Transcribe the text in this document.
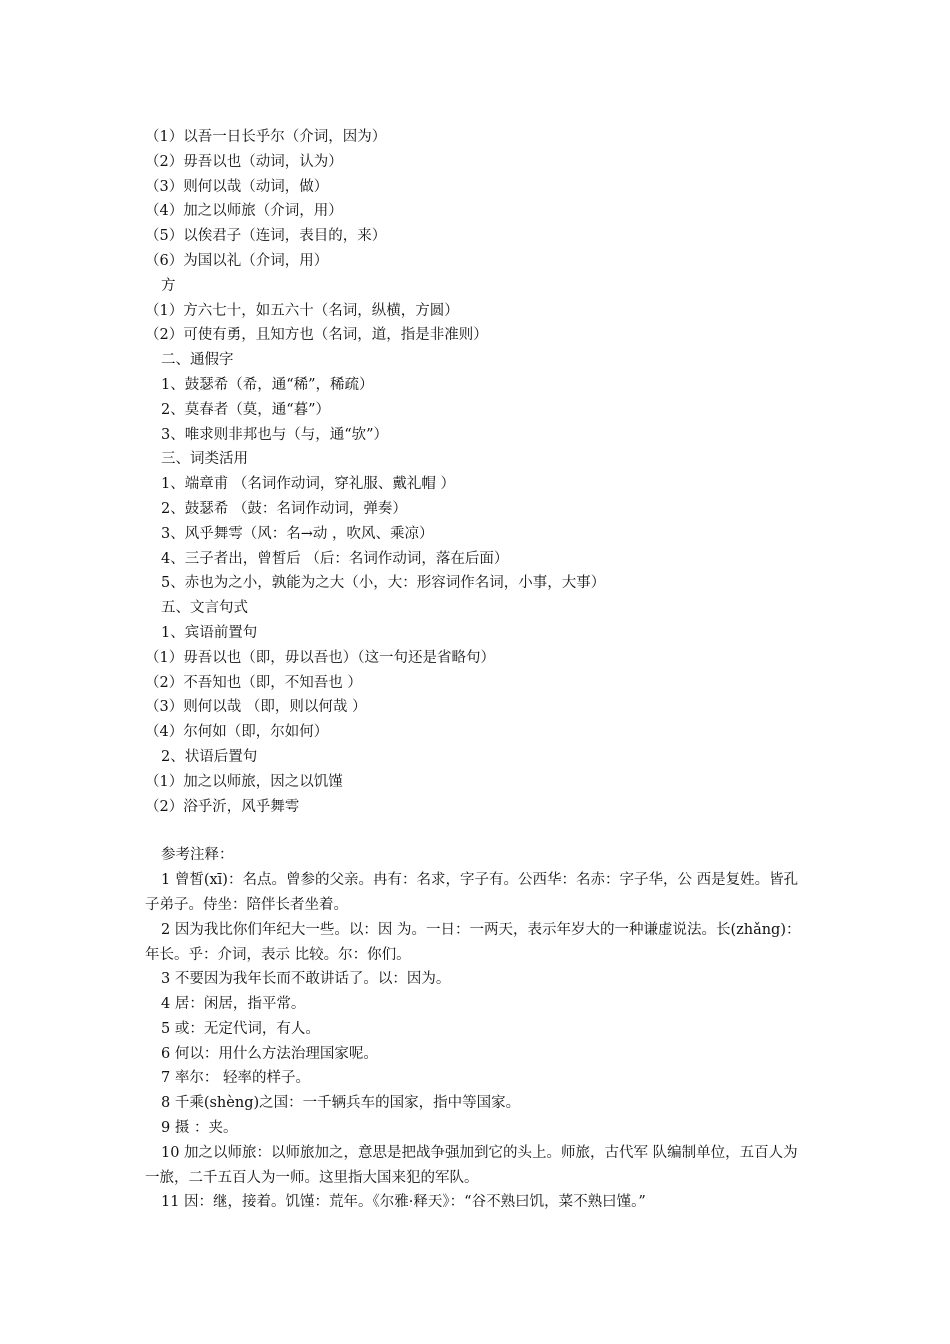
（1）以吾一日长乎尔（介词，因为）
（2）毋吾以也（动词，认为）
（3）则何以哉（动词，做）
（4）加之以师旅（介词，用）
（5）以俟君子（连词，表目的，来）
（6）为国以礼（介词，用）
方
（1）方六七十，如五六十（名词，纵横，方圆）
（2）可使有勇，且知方也（名词，道，指是非准则）
二、通假字
1、鼓瑟希（希，通“稀”，稀疏）
2、莫春者（莫，通“暮”）
3、唯求则非邦也与（与，通“欤”）
三、词类活用
1、端章甫 （名词作动词，穿礼服、戴礼帽 ）
2、鼓瑟希 （鼓：名词作动词，弹奏）
3、风乎舞雩（风：名→动 ，吹风、乘凉）
4、三子者出，曾皙后 （后：名词作动词，落在后面）
5、赤也为之小，孰能为之大（小，大：形容词作名词，小事，大事）
五、文言句式
1、宾语前置句
（1）毋吾以也（即，毋以吾也）（这一句还是省略句）
（2）不吾知也（即，不知吾也 ）
（3）则何以哉 （即，则以何哉 ）
（4）尔何如（即，尔如何）
2、状语后置句
（1）加之以师旅，因之以饥馑
（2）浴乎沂，风乎舞雩
参考注释：
1 曾皙(xī)：名点。曾参的父亲。冉有：名求，字子有。公西华：名赤：字子华，公 西是复姓。皆孔子弟子。侍坐：陪伴长者坐着。
2 因为我比你们年纪大一些。以：因 为。一日：一两天，表示年岁大的一种谦虚说法。长(zhǎng)：年长。乎：介词，表示 比较。尔：你们。
3 不要因为我年长而不敢讲话了。以：因为。
4 居：闲居，指平常。
5 或：无定代词，有人。
6 何以：用什么方法治理国家呢。
7 率尔： 轻率的样子。
8 千乘(shèng)之国：一千辆兵车的国家，指中等国家。
9 摄 ：夹。
10 加之以师旅：以师旅加之，意思是把战争强加到它的头上。师旅，古代军 队编制单位，五百人为一旅，二千五百人为一师。这里指大国来犯的军队。
11 因：继，接着。饥馑：荒年。《尔雅·释天》：“谷不熟曰饥，菜不熟曰馑。”
